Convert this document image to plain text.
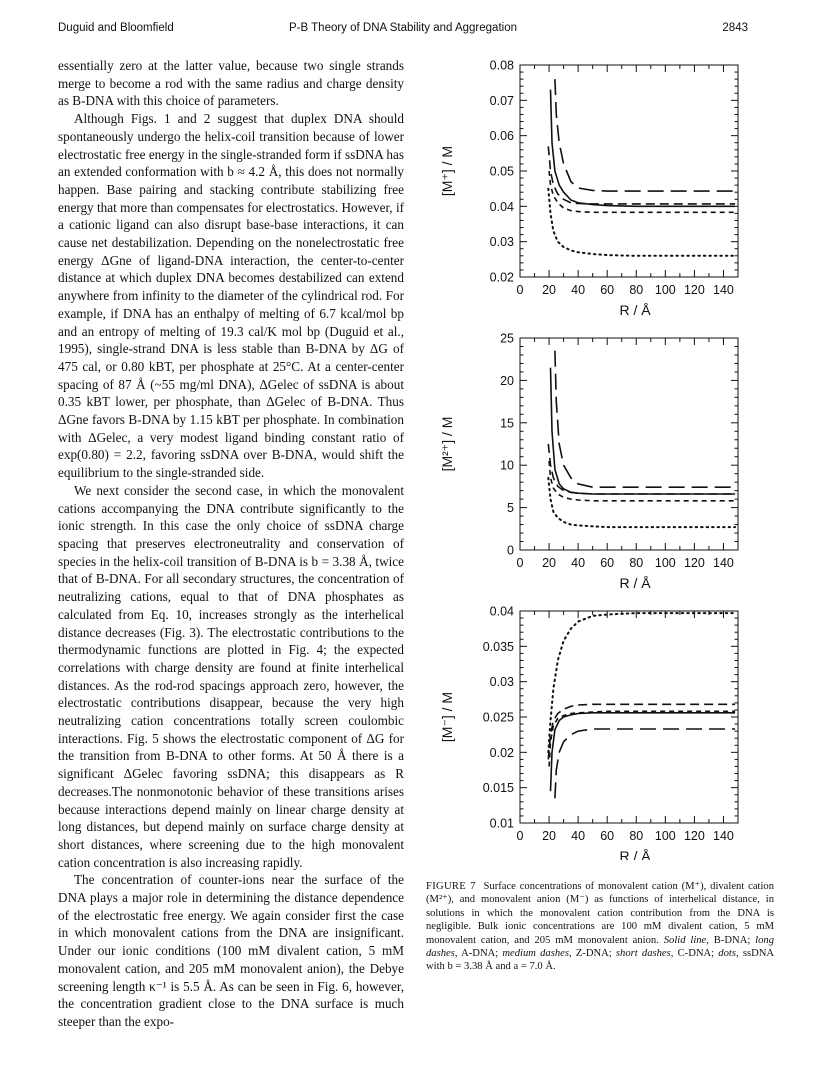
Duguid and Bloomfield	P-B Theory of DNA Stability and Aggregation	2843

essentially zero at the latter value, because two single strands merge to become a rod with the same radius and charge density as B-DNA with this choice of parameters.

Although Figs. 1 and 2 suggest that duplex DNA should spontaneously undergo the helix-coil transition because of lower electrostatic free energy in the single-stranded form if ssDNA has an extended conformation with b ≈ 4.2 Å, this does not normally happen. Base pairing and stacking contribute stabilizing free energy that more than compensates for electrostatics. However, if a cationic ligand can also disrupt base-base interactions, it can cause net destabilization. Depending on the nonelectrostatic free energy ΔGne of ligand-DNA interaction, the center-to-center distance at which duplex DNA becomes destabilized can extend anywhere from infinity to the diameter of the cylindrical rod. For example, if DNA has an enthalpy of melting of 6.7 kcal/mol bp and an entropy of melting of 19.3 cal/K mol bp (Duguid et al., 1995), single-strand DNA is less stable than B-DNA by ΔG of 475 cal, or 0.80 kBT, per phosphate at 25°C. At a center-center spacing of 87 Å (~55 mg/ml DNA), ΔGelec of ssDNA is about 0.35 kBT lower, per phosphate, than ΔGelec of B-DNA. Thus ΔGne favors B-DNA by 1.15 kBT per phosphate. In combination with ΔGelec, a very modest ligand binding constant ratio of exp(0.80) = 2.2, favoring ssDNA over B-DNA, would shift the equilibrium to the single-stranded side.

We next consider the second case, in which the monovalent cations accompanying the DNA contribute significantly to the ionic strength. In this case the only choice of ssDNA charge spacing that preserves electroneutrality and conservation of species in the helix-coil transition of B-DNA is b = 3.38 Å, twice that of B-DNA. For all secondary structures, the concentration of neutralizing cations, equal to that of DNA phosphates as calculated from Eq. 10, increases strongly as the interhelical distance decreases (Fig. 3). The electrostatic contributions to the thermodynamic functions are plotted in Fig. 4; the expected correlations with charge density are found at finite interhelical distances. As the rod-rod spacings approach zero, however, the electrostatic contributions disappear, because the very high neutralizing cation concentrations totally screen coulombic interactions. Fig. 5 shows the electrostatic component of ΔG for the transition from B-DNA to other forms. At 50 Å there is a significant ΔGelec favoring ssDNA; this disappears as R decreases.The nonmonotonic behavior of these transitions arises because interactions depend mainly on linear charge density at long distances, but depend mainly on surface charge density at short distances, where screening due to the high monovalent cation concentration is also increasing rapidly.

The concentration of counter-ions near the surface of the DNA plays a major role in determining the distance dependence of the electrostatic free energy. We again consider first the case in which monovalent cations from the DNA are insignificant. Under our ionic conditions (100 mM divalent cation, 5 mM monovalent cation, and 205 mM monovalent anion), the Debye screening length κ⁻¹ is 5.5 Å. As can be seen in Fig. 6, however, the concentration gradient close to the DNA surface is much steeper than the expo-

0 20 40 60 80 100 120 140
0.02
0.03
0.04
0.05
0.06
0.07
0.08
R / Å
[M⁺] / M
0 20 40 60 80 100 120 140
0
5
10
15
20
25
R / Å
[M²⁺] / M
0 20 40 60 80 100 120 140
0.01
0.015
0.02
0.025
0.03
0.035
0.04
R / Å
[M⁻] / M
FIGURE 7 Surface concentrations of monovalent cation (M⁺), divalent cation (M²⁺), and monovalent anion (M⁻) as functions of interhelical distance, in solutions in which the monovalent cation contribution from the DNA is negligible. Bulk ionic concentrations are 100 mM divalent cation, 5 mM monovalent cation, and 205 mM monovalent anion. Solid line, B-DNA; long dashes, A-DNA; medium dashes, Z-DNA; short dashes, C-DNA; dots, ssDNA with b = 3.38 Å and a = 7.0 Å.
